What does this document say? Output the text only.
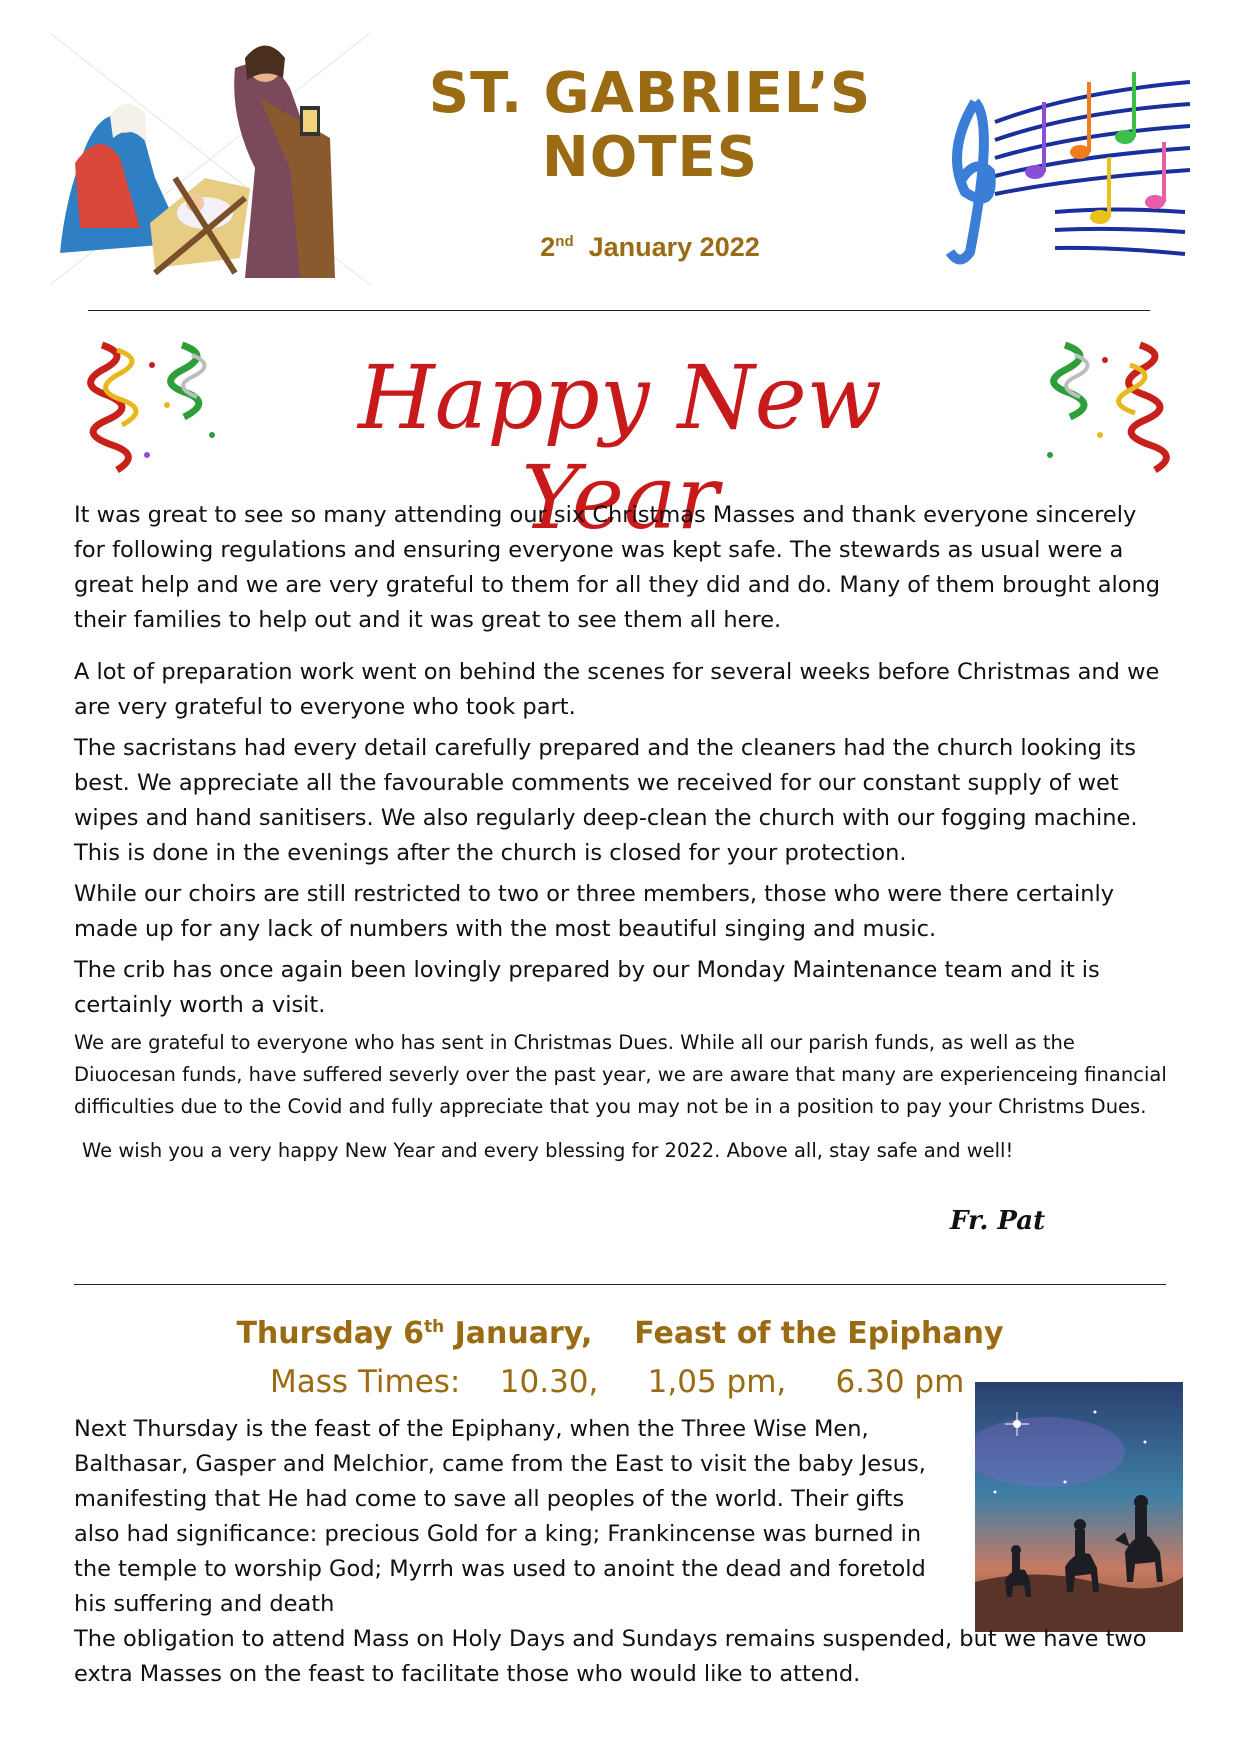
ST. GABRIEL’S
NOTES
2nd January 2022
Happy New Year

It was great to see so many attending our six Christmas Masses and thank everyone sincerely for following regulations and ensuring everyone was kept safe. The stewards as usual were a great help and we are very grateful to them for all they did and do. Many of them brought along their families to help out and it was great to see them all here.

A lot of preparation work went on behind the scenes for several weeks before Christmas and we are very grateful to everyone who took part.

The sacristans had every detail carefully prepared and the cleaners had the church looking its best. We appreciate all the favourable comments we received for our constant supply of wet wipes and hand sanitisers. We also regularly deep-clean the church with our fogging machine. This is done in the evenings after the church is closed for your protection.

While our choirs are still restricted to two or three members, those who were there certainly made up for any lack of numbers with the most beautiful singing and music.

The crib has once again been lovingly prepared by our Monday Maintenance team and it is certainly worth a visit.

We are grateful to everyone who has sent in Christmas Dues. While all our parish funds, as well as the Diuocesan funds, have suffered severly over the past year, we are aware that many are experienceing financial difficulties due to the Covid and fully appreciate that you may not be in a position to pay your Christms Dues.

We wish you a very happy New Year and every blessing for 2022. Above all, stay safe and well!

Fr. Pat
Thursday 6th January,    Feast of the Epiphany
Mass Times:    10.30,     1,05 pm,     6.30 pm
Next Thursday is the feast of the Epiphany, when the Three Wise Men, Balthasar, Gasper and Melchior, came from the East to visit the baby Jesus, manifesting that He had come to save all peoples of the world. Their gifts also had significance: precious Gold for a king; Frankincense was burned in the temple to worship God; Myrrh was used to anoint the dead and foretold his suffering and death
The obligation to attend Mass on Holy Days and Sundays remains suspended, but we have two extra Masses on the feast to facilitate those who would like to attend.
